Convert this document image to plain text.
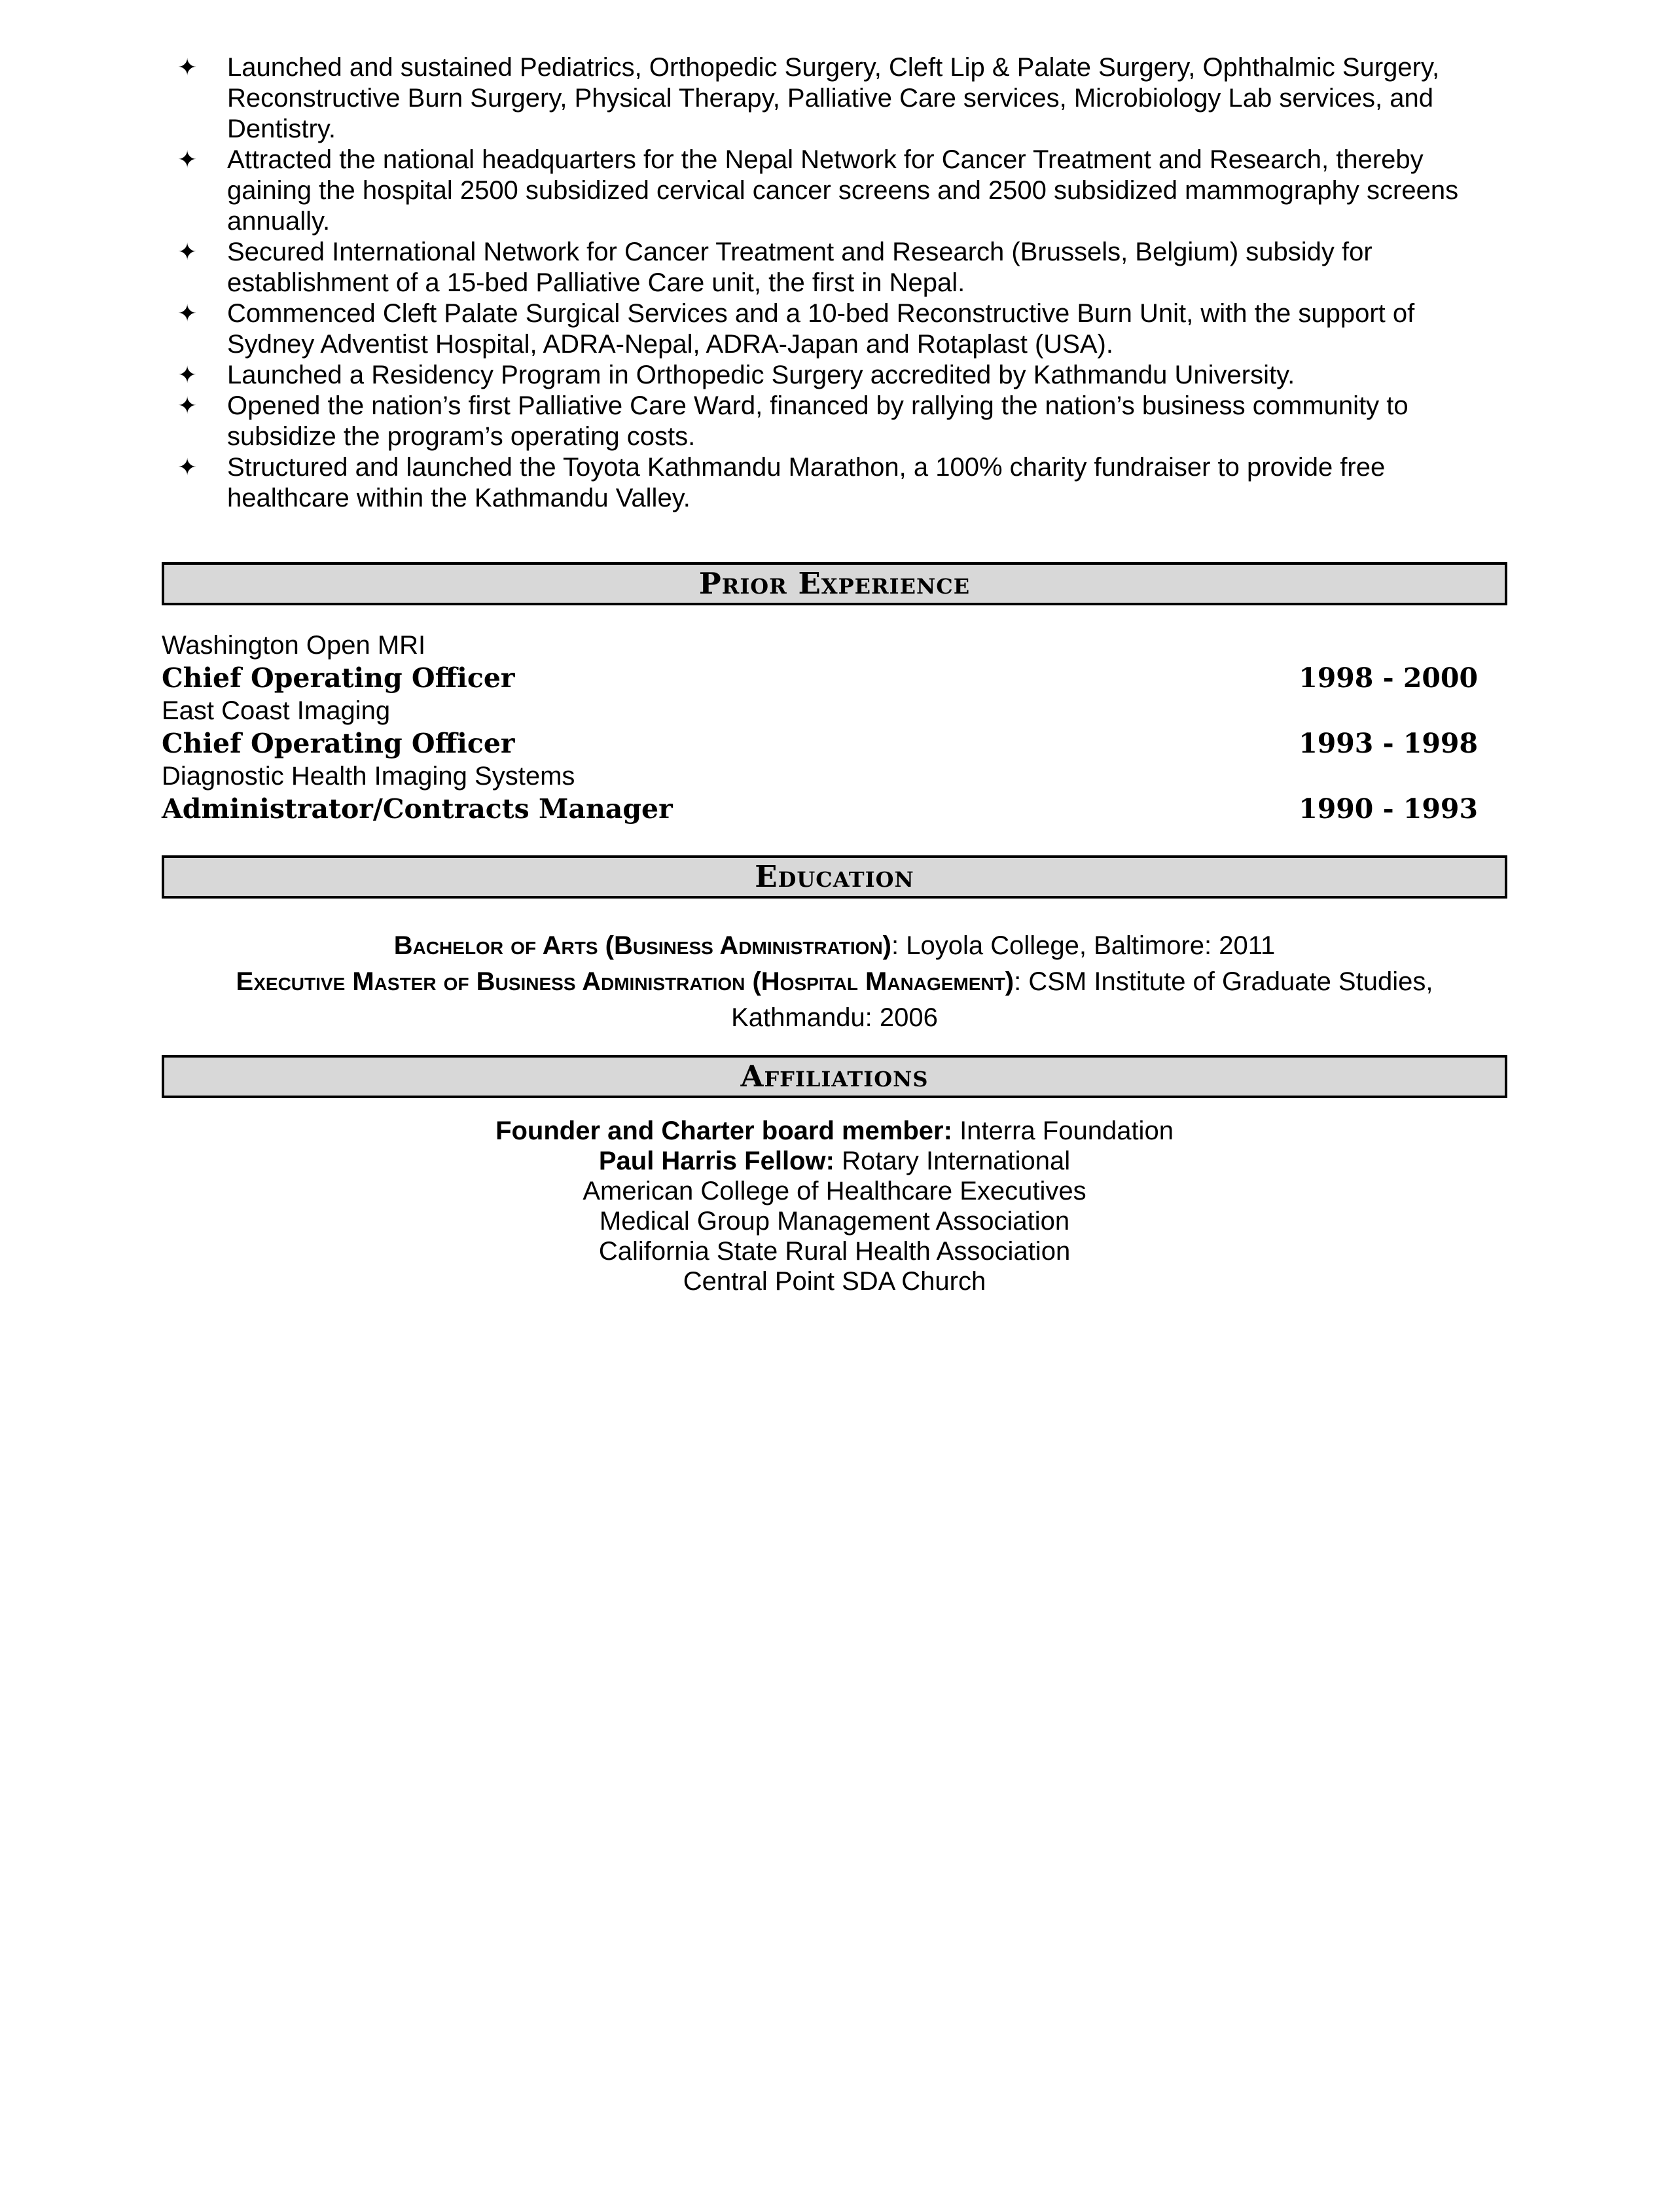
✦ Launched and sustained Pediatrics, Orthopedic Surgery, Cleft Lip & Palate Surgery, Ophthalmic Surgery, Reconstructive Burn Surgery, Physical Therapy, Palliative Care services, Microbiology Lab services, and Dentistry.
✦ Attracted the national headquarters for the Nepal Network for Cancer Treatment and Research, thereby gaining the hospital 2500 subsidized cervical cancer screens and 2500 subsidized mammography screens annually.
✦ Secured International Network for Cancer Treatment and Research (Brussels, Belgium) subsidy for establishment of a 15-bed Palliative Care unit, the first in Nepal.
✦ Commenced Cleft Palate Surgical Services and a 10-bed Reconstructive Burn Unit, with the support of Sydney Adventist Hospital, ADRA-Nepal, ADRA-Japan and Rotaplast (USA).
✦ Launched a Residency Program in Orthopedic Surgery accredited by Kathmandu University.
✦ Opened the nation’s first Palliative Care Ward, financed by rallying the nation’s business community to subsidize the program’s operating costs.
✦ Structured and launched the Toyota Kathmandu Marathon, a 100% charity fundraiser to provide free healthcare within the Kathmandu Valley.
Prior Experience
Washington Open MRI
Chief Operating Officer	1998 - 2000
East Coast Imaging
Chief Operating Officer	1993 - 1998
Diagnostic Health Imaging Systems
Administrator/Contracts Manager	1990 - 1993
Education
Bachelor of Arts (Business Administration): Loyola College, Baltimore: 2011
Executive Master of Business Administration (Hospital Management): CSM Institute of Graduate Studies, Kathmandu: 2006
Affiliations
Founder and Charter board member: Interra Foundation
Paul Harris Fellow: Rotary International
American College of Healthcare Executives
Medical Group Management Association
California State Rural Health Association
Central Point SDA Church
